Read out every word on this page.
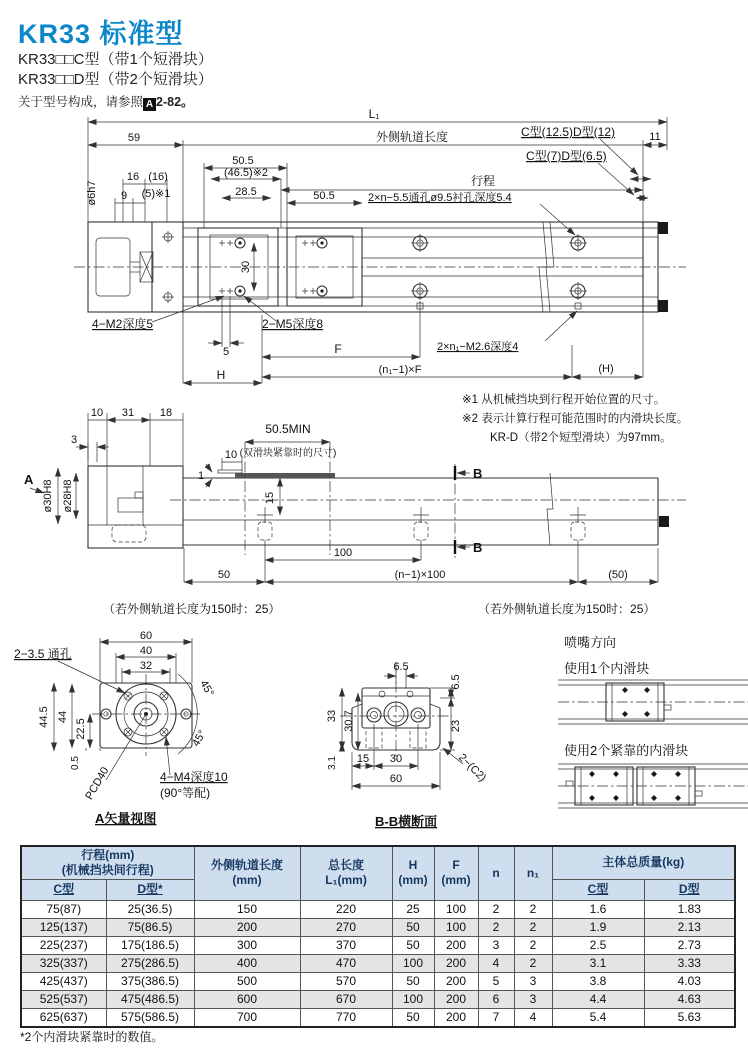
KR33 标准型
KR33□□C型（带1个短滑块）
KR33□□D型（带2个短滑块）
关于型号构成，请参照 A 2-82。
L₁
59	外侧轨道长度	11
C型(12.5)D型(12)
C型(7)D型(6.5)
50.5
16 (16)	(46.5)※2
行程
9 (5)※1	28.5	50.5	2×n−5.5通孔ø9.5衬孔深度5.4
ø6h7
30
4−M2深度5
5
2−M5深度8
F	2×n₁−M2.6深度4
(n₁−1)×F
H	(H)
※1 从机械挡块到行程开始位置的尺寸。
※2 表示计算行程可能范围时的内滑块长度。
KR-D（带2个短型滑块）为97mm。
10 31 18
3
A ø30H8 ø28H8
50.5MIN
(双滑块紧靠时的尺寸)
10
1
15
B
B
100
50	(n−1)×100	(50)
（若外侧轨道长度为150时：25）	（若外侧轨道长度为150时：25）
60
40
32
2−3.5 通孔
44.5 44
22.5
0.5
PCD40
45°
45°
4−M4深度10
(90°等配)
A矢量视图
6.5
6.5
23
33 30.7
3.1 15 30
60	2−(C2)
B-B横断面
喷嘴方向
使用1个内滑块
使用2个紧靠的内滑块
行程(mm)
(机械挡块间行程)	外侧轨道长度
(mm)

总长度
L₁(mm)

H
(mm)

F
(mm)
	n	n₁	主体总质量(kg)
C型	D型*							C型	D型
75(87)	25(36.5)	150	220	25	100	2	2	1.6	1.83
125(137)	75(86.5)	200	270	50	100	2	2	1.9	2.13
225(237)	175(186.5)	300	370	50	200	3	2	2.5	2.73
325(337)	275(286.5)	400	470	100	200	4	2	3.1	3.33
425(437)	375(386.5)	500	570	50	200	5	3	3.8	4.03
525(537)	475(486.5)	600	670	100	200	6	3	4.4	4.63
625(637)	575(586.5)	700	770	50	200	7	4	5.4	5.63
*2个内滑块紧靠时的数值。
